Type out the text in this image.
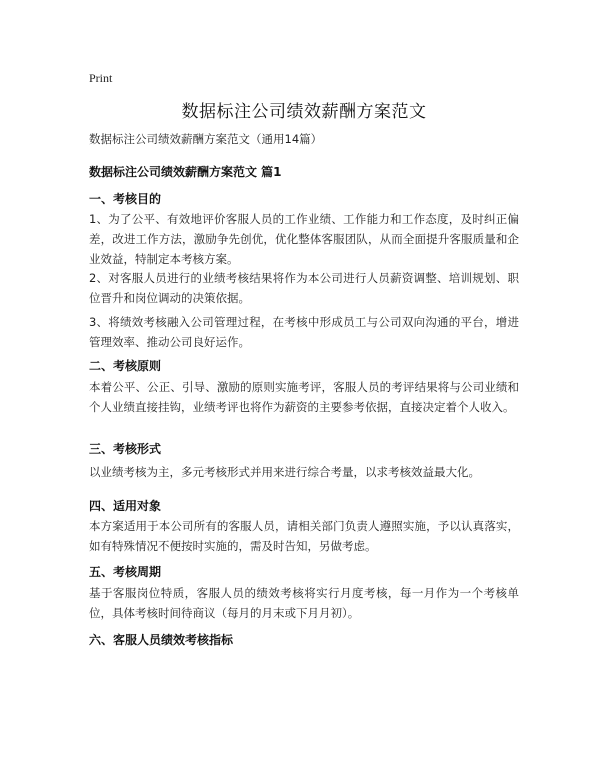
Print
数据标注公司绩效薪酬方案范文
数据标注公司绩效薪酬方案范文（通用14篇）
数据标注公司绩效薪酬方案范文 篇1
一、考核目的

1、为了公平、有效地评价客服人员的工作业绩、工作能力和工作态度，及时纠正偏差，改进工作方法，激励争先创优，优化整体客服团队，从而全面提升客服质量和企业效益，特制定本考核方案。

2、对客服人员进行的业绩考核结果将作为本公司进行人员薪资调整、培训规划、职位晋升和岗位调动的决策依据。

3、将绩效考核融入公司管理过程，在考核中形成员工与公司双向沟通的平台，增进管理效率、推动公司良好运作。

二、考核原则

本着公平、公正、引导、激励的原则实施考评，客服人员的考评结果将与公司业绩和个人业绩直接挂钩，业绩考评也将作为薪资的主要参考依据，直接决定着个人收入。

三、考核形式

以业绩考核为主，多元考核形式并用来进行综合考量，以求考核效益最大化。

四、适用对象

本方案适用于本公司所有的客服人员，请相关部门负责人遵照实施，予以认真落实，如有特殊情况不便按时实施的，需及时告知，另做考虑。

五、考核周期

基于客服岗位特质，客服人员的绩效考核将实行月度考核，每一月作为一个考核单位，具体考核时间待商议（每月的月末或下月月初）。

六、客服人员绩效考核指标
